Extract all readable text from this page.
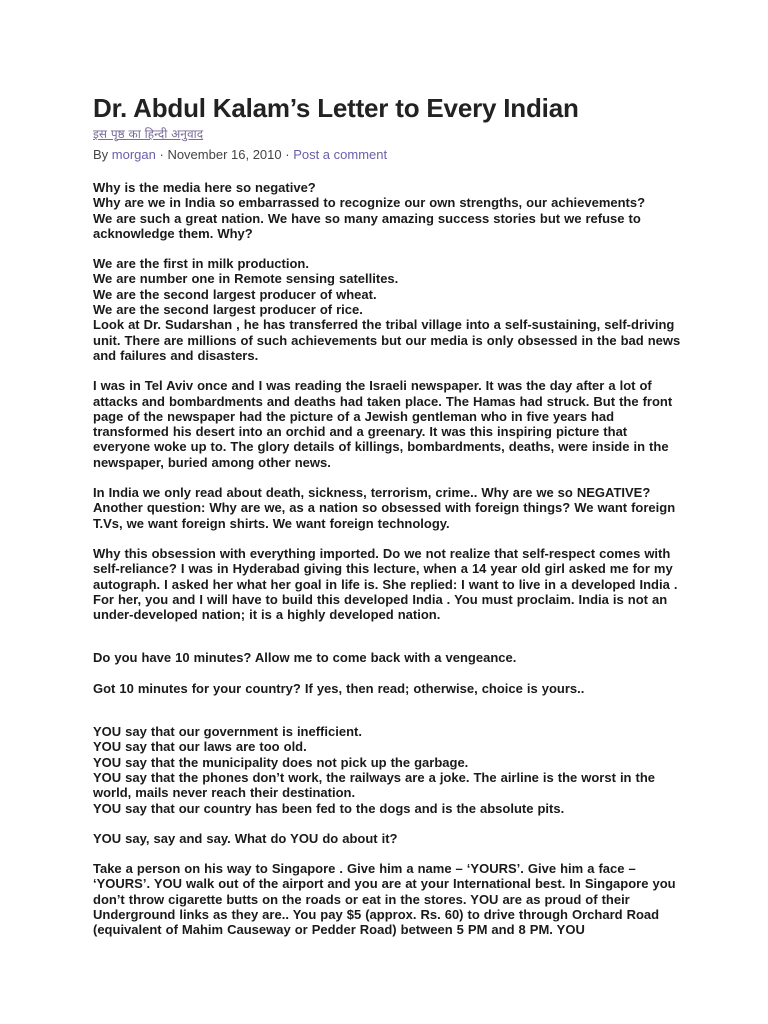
Dr. Abdul Kalam’s Letter to Every Indian
इस पृष्ठ का हिन्दी अनुवाद
By morgan · November 16, 2010 · Post a comment

Why is the media here so negative?
Why are we in India so embarrassed to recognize our own strengths, our achievements?
We are such a great nation. We have so many amazing success stories but we refuse to acknowledge them. Why?

We are the first in milk production.
We are number one in Remote sensing satellites.
We are the second largest producer of wheat.
We are the second largest producer of rice.
Look at Dr. Sudarshan , he has transferred the tribal village into a self-sustaining, self-driving unit. There are millions of such achievements but our media is only obsessed in the bad news and failures and disasters.

I was in Tel Aviv once and I was reading the Israeli newspaper. It was the day after a lot of attacks and bombardments and deaths had taken place. The Hamas had struck. But the front page of the newspaper had the picture of a Jewish gentleman who in five years had transformed his desert into an orchid and a greenary. It was this inspiring picture that everyone woke up to. The glory details of killings, bombardments, deaths, were inside in the newspaper, buried among other news.

In India we only read about death, sickness, terrorism, crime.. Why are we so NEGATIVE?
Another question: Why are we, as a nation so obsessed with foreign things? We want foreign T.Vs, we want foreign shirts. We want foreign technology.

Why this obsession with everything imported. Do we not realize that self-respect comes with self-reliance? I was in Hyderabad giving this lecture, when a 14 year old girl asked me for my autograph. I asked her what her goal in life is. She replied: I want to live in a developed India . For her, you and I will have to build this developed India . You must proclaim. India is not an under-developed nation; it is a highly developed nation.

Do you have 10 minutes? Allow me to come back with a vengeance.

Got 10 minutes for your country? If yes, then read; otherwise, choice is yours..

YOU say that our government is inefficient.
YOU say that our laws are too old.
YOU say that the municipality does not pick up the garbage.
YOU say that the phones don’t work, the railways are a joke. The airline is the worst in the world, mails never reach their destination.
YOU say that our country has been fed to the dogs and is the absolute pits.

YOU say, say and say. What do YOU do about it?

Take a person on his way to Singapore . Give him a name – ‘YOURS’. Give him a face – ‘YOURS’. YOU walk out of the airport and you are at your International best. In Singapore you don’t throw cigarette butts on the roads or eat in the stores. YOU are as proud of their Underground links as they are.. You pay $5 (approx. Rs. 60) to drive through Orchard Road (equivalent of Mahim Causeway or Pedder Road) between 5 PM and 8 PM. YOU
